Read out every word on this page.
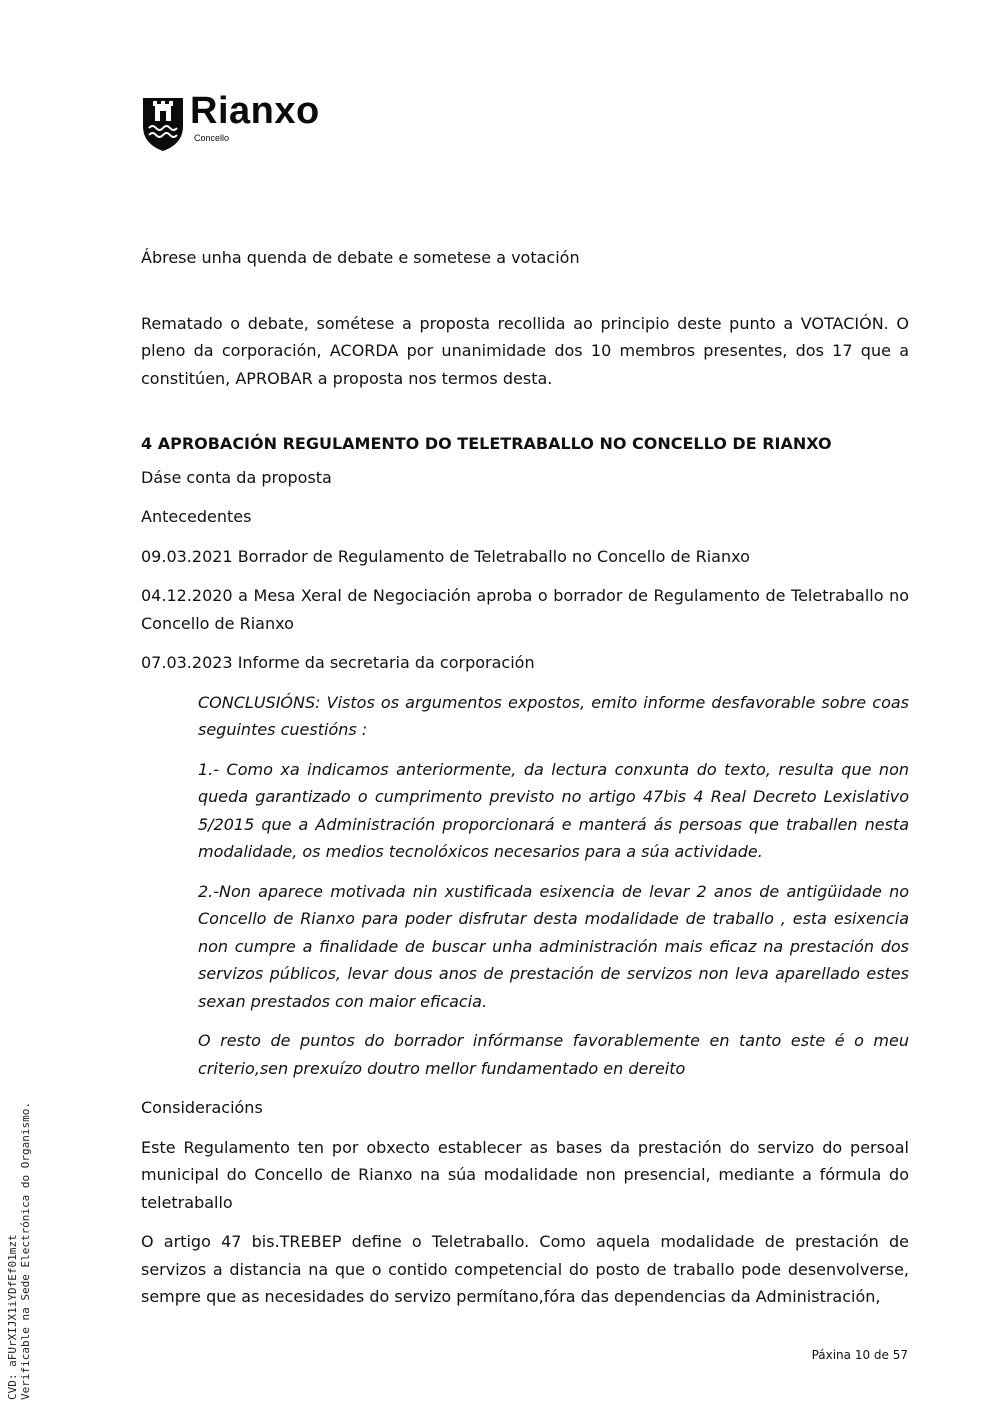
Rianxo
Concello

Ábrese unha quenda de debate e sometese a votación

Rematado o debate, sométese a proposta recollida ao principio deste punto a VOTACIÓN. O pleno da corporación, ACORDA por unanimidade dos 10 membros presentes, dos 17 que a constitúen, APROBAR a proposta nos termos desta.

4 APROBACIÓN REGULAMENTO DO TELETRABALLO NO CONCELLO DE RIANXO

Dáse conta da proposta

Antecedentes

09.03.2021 Borrador de Regulamento de Teletraballo no Concello de Rianxo

04.12.2020 a Mesa Xeral de Negociación aproba o borrador de Regulamento de Teletraballo no Concello de Rianxo

07.03.2023 Informe da secretaria da corporación

CONCLUSIÓNS: Vistos os argumentos expostos, emito informe desfavorable sobre coas seguintes cuestións :

1.- Como xa indicamos anteriormente, da lectura conxunta do texto, resulta que non queda garantizado o cumprimento previsto no artigo 47bis 4 Real Decreto Lexislativo 5/2015 que a Administración proporcionará e manterá ás persoas que traballen nesta modalidade, os medios tecnolóxicos necesarios para a súa actividade.

2.-Non aparece motivada nin xustificada esixencia de levar 2 anos de antigüidade no Concello de Rianxo para poder disfrutar desta modalidade de traballo , esta esixencia non cumpre a finalidade de buscar unha administración mais eficaz na prestación dos servizos públicos, levar dous anos de prestación de servizos non leva aparellado estes sexan prestados con maior eficacia.

O resto de puntos do borrador infórmanse favorablemente en tanto este é o meu criterio,sen prexuízo doutro mellor fundamentado en dereito

Consideracións

Este Regulamento ten por obxecto establecer as bases da prestación do servizo do persoal municipal do Concello de Rianxo na súa modalidade non presencial, mediante a fórmula do teletraballo

O artigo 47 bis.TREBEP define o Teletraballo. Como aquela modalidade de prestación de servizos a distancia na que o contido competencial do posto de traballo pode desenvolverse, sempre que as necesidades do servizo permítano,fóra das dependencias da Administración,

CVD: aFUrXIJX1iYDfEf01mzt Verificable na Sede Electrónica do Organismo.	Páxina 10 de 57
